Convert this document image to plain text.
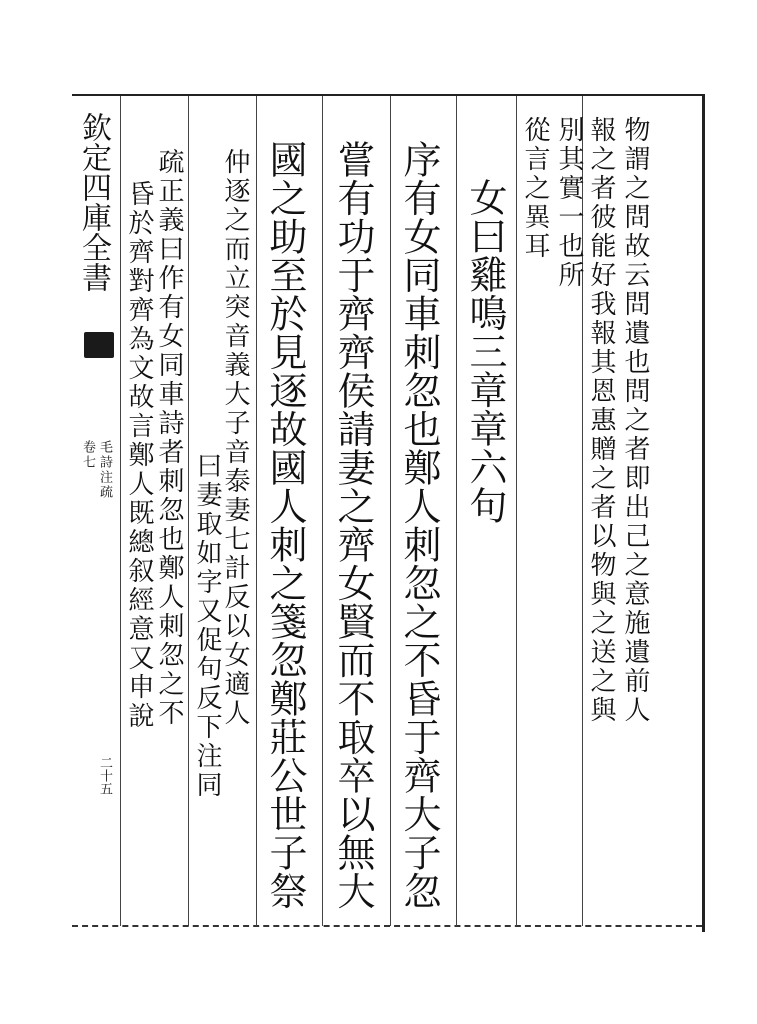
欽定四庫全書
卷七 毛詩注疏
二十五
物謂之問故云問遺也問之者即出己之意施遺前人
報之者彼能好我報其恩惠贈之者以物與之送之與
別其實一也所
從言之異耳
女曰雞鳴三章章六句
序有女同車刺忽也鄭人刺忽之不昏于齊大子忽
嘗有功于齊齊侯請妻之齊女賢而不取卒以無大
國之助至於見逐故國人刺之箋忽鄭莊公世子祭
仲逐之而立突音義大子音泰妻七計反以女適人
曰妻取如字又促句反下注同
疏正義曰作有女同車詩者刺忽也鄭人刺忽之不
昏於齊對齊為文故言鄭人既總叙經意又申說
